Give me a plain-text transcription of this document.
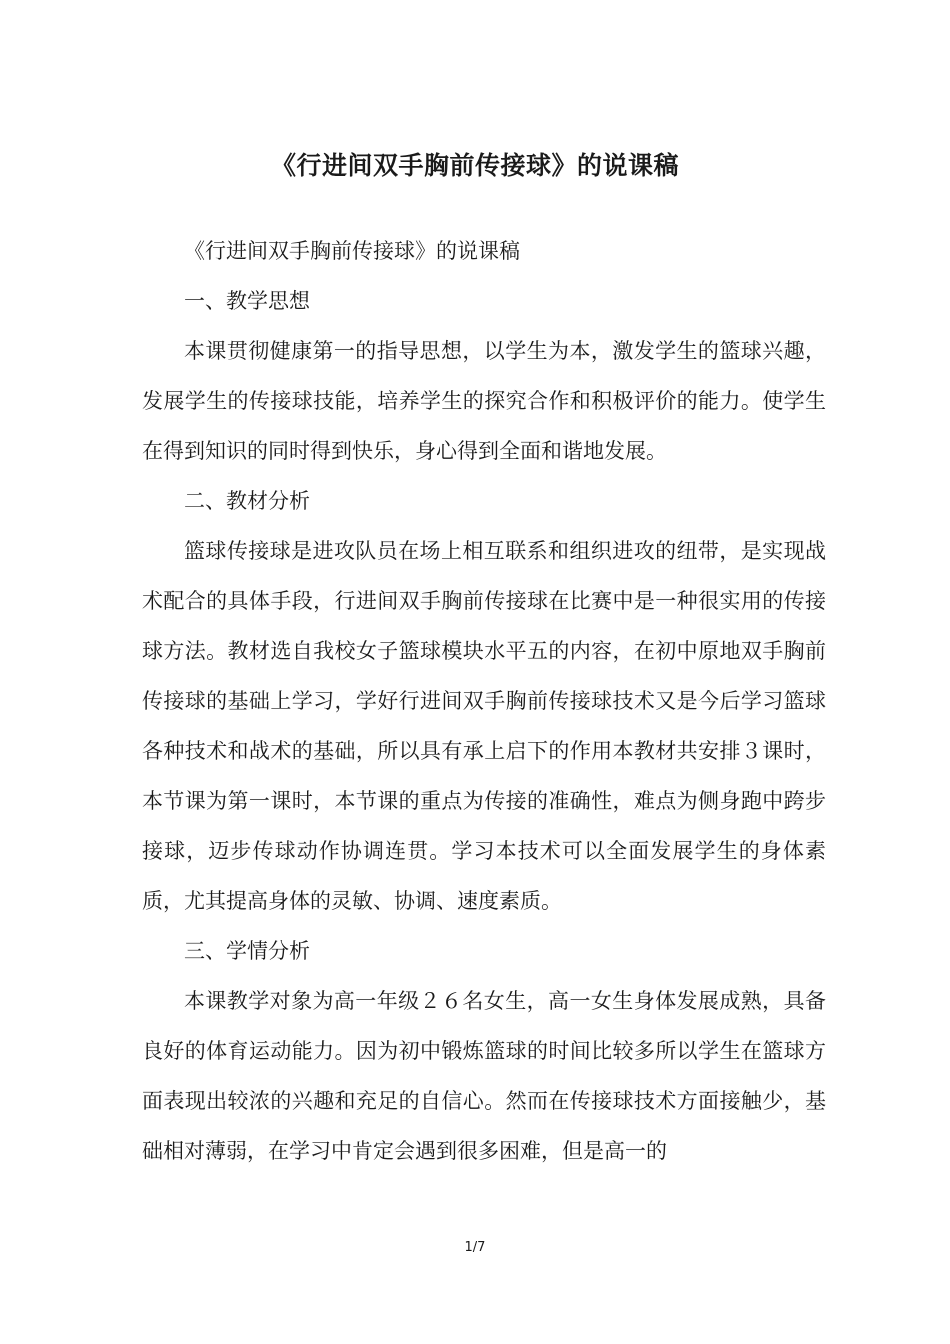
《行进间双手胸前传接球》的说课稿

《行进间双手胸前传接球》的说课稿

一、教学思想

本课贯彻健康第一的指导思想，以学生为本，激发学生的篮球兴趣，发展学生的传接球技能，培养学生的探究合作和积极评价的能力。使学生在得到知识的同时得到快乐，身心得到全面和谐地发展。

二、教材分析

篮球传接球是进攻队员在场上相互联系和组织进攻的纽带，是实现战术配合的具体手段，行进间双手胸前传接球在比赛中是一种很实用的传接球方法。教材选自我校女子篮球模块水平五的内容，在初中原地双手胸前传接球的基础上学习，学好行进间双手胸前传接球技术又是今后学习篮球各种技术和战术的基础，所以具有承上启下的作用本教材共安排３课时，本节课为第一课时，本节课的重点为传接的准确性，难点为侧身跑中跨步接球，迈步传球动作协调连贯。学习本技术可以全面发展学生的身体素质，尤其提高身体的灵敏、协调、速度素质。

三、学情分析

本课教学对象为高一年级２６名女生，高一女生身体发展成熟，具备良好的体育运动能力。因为初中锻炼篮球的时间比较多所以学生在篮球方面表现出较浓的兴趣和充足的自信心。然而在传接球技术方面接触少，基础相对薄弱，在学习中肯定会遇到很多困难，但是高一的

1/7
